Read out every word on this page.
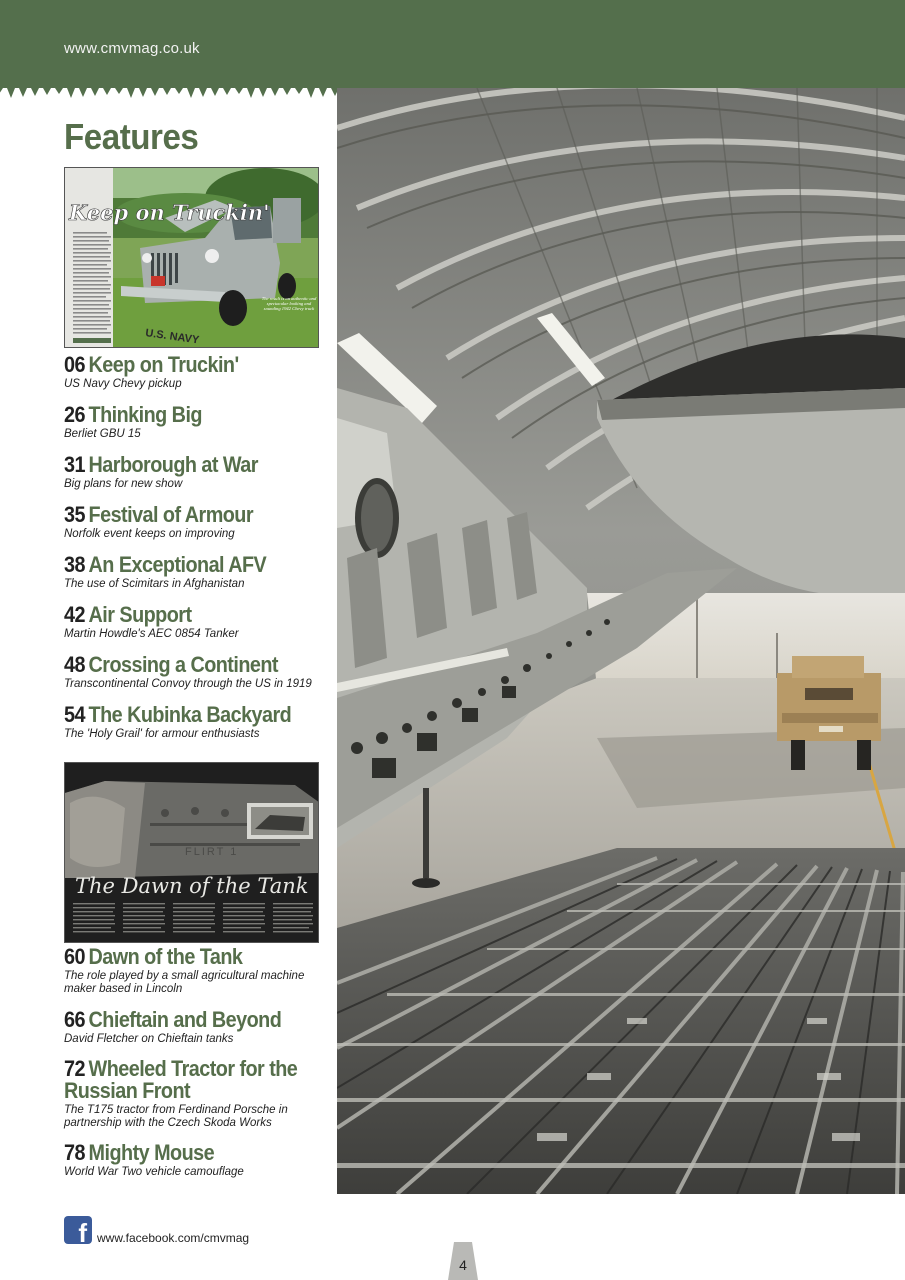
www.cmvmag.co.uk
Features
U.S. NAVY
Keep on Truckin'
The result is an authentic and spectacular looking and sounding 1942 Chevy truck
06 Keep on Truckin'
US Navy Chevy pickup
26 Thinking Big
Berliet GBU 15
31 Harborough at War
Big plans for new show
35 Festival of Armour
Norfolk event keeps on improving
38 An Exceptional AFV
The use of Scimitars in Afghanistan
42 Air Support
Martin Howdle's AEC 0854 Tanker
48 Crossing a Continent
Transcontinental Convoy through the US in 1919
54 The Kubinka Backyard
The 'Holy Grail' for armour enthusiasts
FLIRT 1
The Dawn of the Tank
60 Dawn of the Tank
The role played by a small agricultural machine maker based in Lincoln
66 Chieftain and Beyond
David Fletcher on Chieftain tanks
72 Wheeled Tractor for the Russian Front
The T175 tractor from Ferdinand Porsche in partnership with the Czech Skoda Works
78 Mighty Mouse
World War Two vehicle camouflage
f www.facebook.com/cmvmag
4
